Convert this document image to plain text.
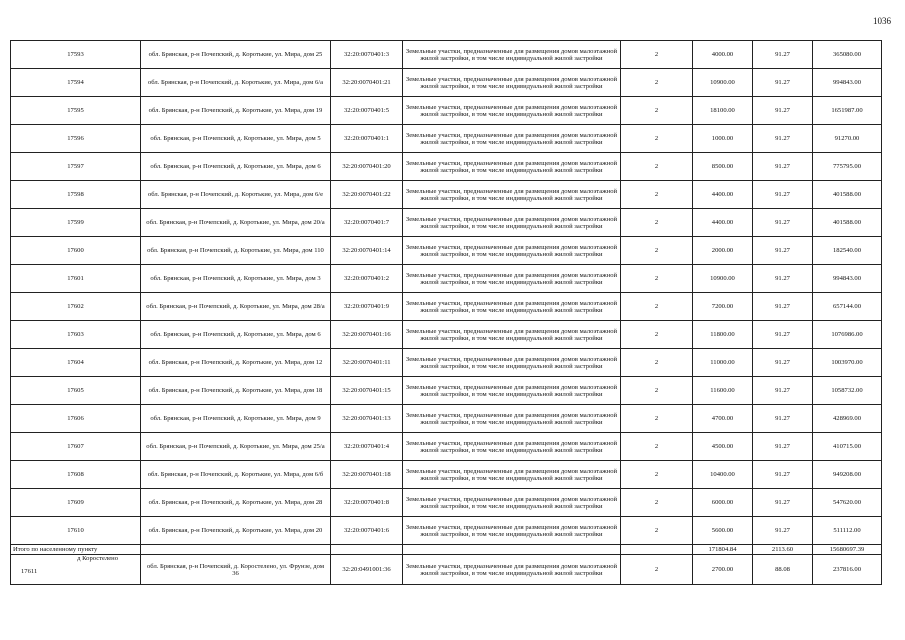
1036
17593	обл. Брянская, р-н Почепский, д. Коротькие, ул. Мира, дом 25	32:20:0070401:3	Земельные участки, предназначенные для размещения домов малоэтажной жилой застройки, в том числе индивидуальной жилой застройки	2	4000.00	91.27	365080.00
17594	обл. Брянская, р-н Почепский, д. Коротькие, ул. Мира, дом 6/а	32:20:0070401:21	Земельные участки, предназначенные для размещения домов малоэтажной жилой застройки, в том числе индивидуальной жилой застройки	2	10900.00	91.27	994843.00
17595	обл. Брянская, р-н Почепский, д. Коротькие, ул. Мира, дом 19	32:20:0070401:5	Земельные участки, предназначенные для размещения домов малоэтажной жилой застройки, в том числе индивидуальной жилой застройки	2	18100.00	91.27	1651987.00
17596	обл. Брянская, р-н Почепский, д. Коротькие, ул. Мира, дом 5	32:20:0070401:1	Земельные участки, предназначенные для размещения домов малоэтажной жилой застройки, в том числе индивидуальной жилой застройки	2	1000.00	91.27	91270.00
17597	обл. Брянская, р-н Почепский, д. Коротькие, ул. Мира, дом 6	32:20:0070401:20	Земельные участки, предназначенные для размещения домов малоэтажной жилой застройки, в том числе индивидуальной жилой застройки	2	8500.00	91.27	775795.00
17598	обл. Брянская, р-н Почепский, д. Коротькие, ул. Мира, дом 6/е	32:20:0070401:22	Земельные участки, предназначенные для размещения домов малоэтажной жилой застройки, в том числе индивидуальной жилой застройки	2	4400.00	91.27	401588.00
17599	обл. Брянская, р-н Почепский, д. Коротькие, ул. Мира, дом 20/а	32:20:0070401:7	Земельные участки, предназначенные для размещения домов малоэтажной жилой застройки, в том числе индивидуальной жилой застройки	2	4400.00	91.27	401588.00
17600	обл. Брянская, р-н Почепский, д. Коротькие, ул. Мира, дом 110	32:20:0070401:14	Земельные участки, предназначенные для размещения домов малоэтажной жилой застройки, в том числе индивидуальной жилой застройки	2	2000.00	91.27	182540.00
17601	обл. Брянская, р-н Почепский, д. Коротькие, ул. Мира, дом 3	32:20:0070401:2	Земельные участки, предназначенные для размещения домов малоэтажной жилой застройки, в том числе индивидуальной жилой застройки	2	10900.00	91.27	994843.00
17602	обл. Брянская, р-н Почепский, д. Коротькие, ул. Мира, дом 28/а	32:20:0070401:9	Земельные участки, предназначенные для размещения домов малоэтажной жилой застройки, в том числе индивидуальной жилой застройки	2	7200.00	91.27	657144.00
17603	обл. Брянская, р-н Почепский, д. Коротькие, ул. Мира, дом 6	32:20:0070401:16	Земельные участки, предназначенные для размещения домов малоэтажной жилой застройки, в том числе индивидуальной жилой застройки	2	11800.00	91.27	1076986.00
17604	обл. Брянская, р-н Почепский, д. Коротькие, ул. Мира, дом 12	32:20:0070401:11	Земельные участки, предназначенные для размещения домов малоэтажной жилой застройки, в том числе индивидуальной жилой застройки	2	11000.00	91.27	1003970.00
17605	обл. Брянская, р-н Почепский, д. Коротькие, ул. Мира, дом 18	32:20:0070401:15	Земельные участки, предназначенные для размещения домов малоэтажной жилой застройки, в том числе индивидуальной жилой застройки	2	11600.00	91.27	1058732.00
17606	обл. Брянская, р-н Почепский, д. Коротькие, ул. Мира, дом 9	32:20:0070401:13	Земельные участки, предназначенные для размещения домов малоэтажной жилой застройки, в том числе индивидуальной жилой застройки	2	4700.00	91.27	428969.00
17607	обл. Брянская, р-н Почепский, д. Коротькие, ул. Мира, дом 25/а	32:20:0070401:4	Земельные участки, предназначенные для размещения домов малоэтажной жилой застройки, в том числе индивидуальной жилой застройки	2	4500.00	91.27	410715.00
17608	обл. Брянская, р-н Почепский, д. Коротькие, ул. Мира, дом 6/б	32:20:0070401:18	Земельные участки, предназначенные для размещения домов малоэтажной жилой застройки, в том числе индивидуальной жилой застройки	2	10400.00	91.27	949208.00
17609	обл. Брянская, р-н Почепский, д. Коротькие, ул. Мира, дом 28	32:20:0070401:8	Земельные участки, предназначенные для размещения домов малоэтажной жилой застройки, в том числе индивидуальной жилой застройки	2	6000.00	91.27	547620.00
17610	обл. Брянская, р-н Почепский, д. Коротькие, ул. Мира, дом 20	32:20:0070401:6	Земельные участки, предназначенные для размещения домов малоэтажной жилой застройки, в том числе индивидуальной жилой застройки	2	5600.00	91.27	511112.00
Итого по населенному пункту					171804.84	2113.60	15680697.39

д Коростелено
17611	обл. Брянская, р-н Почепский, д. Коростелено, ул. Фрунзе, дом 36	32:20:0491001:36	Земельные участки, предназначенные для размещения домов малоэтажной жилой застройки, в том числе индивидуальной жилой застройки	2	2700.00	88.08	237816.00
